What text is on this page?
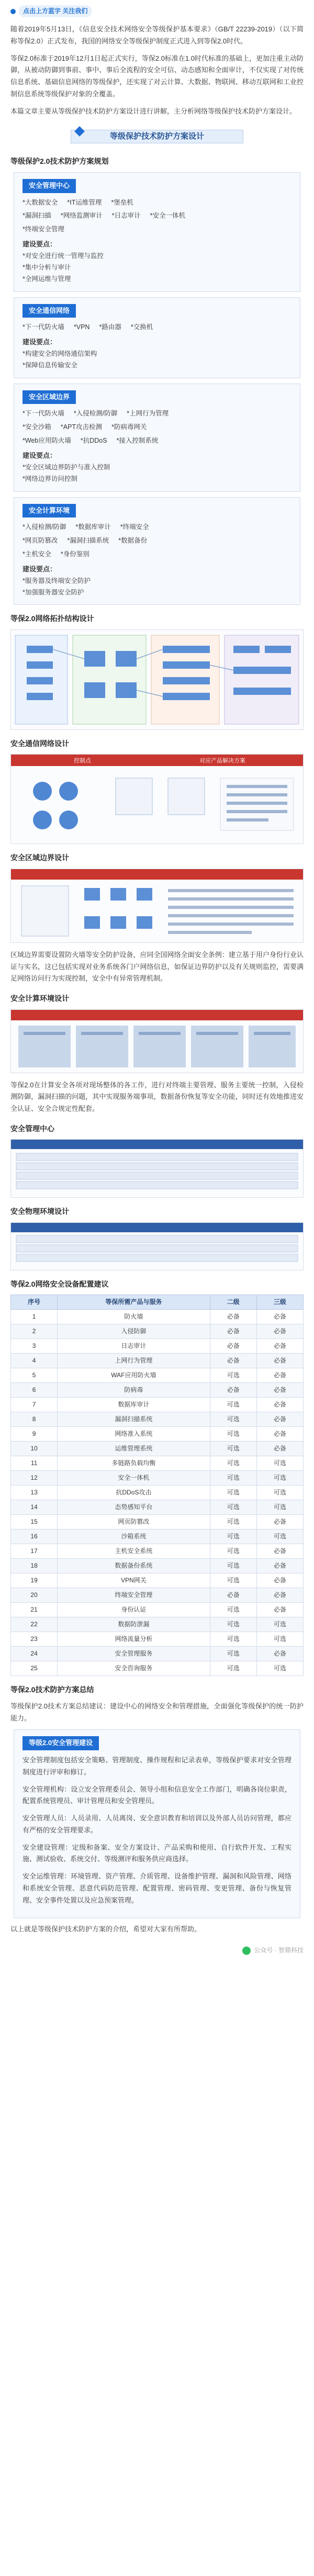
点击上方蓝字 关注我们

随着2019年5月13日，《信息安全技术网络安全等级保护基本要求》（GB/T 22239-2019）（以下简称等保2.0）正式发布，我国的网络安全等级保护制度正式进入到等保2.0时代。

等保2.0标准于2019年12月1日起正式实行，等保2.0标准在1.0时代标准的基础上，更加注重主动防御，从被动防御到事前、事中、事后全流程的安全可信、动态感知和全面审计，不仅实现了对传统信息系统、基础信息网络的等级保护，还实现了对云计算、大数据、物联网、移动互联网和工业控制信息系统等级保护对象的全覆盖。

本篇文章主要从等级保护技术防护方案设计进行讲解，主分析网络等级保护技术防护方案设计。

等级保护技术防护方案设计
等级保护2.0技术防护方案规划
安全管理中心
*大数据安全 *IT运维管理 *堡垒机
*漏洞扫描 *网络监测审计 *日志审计 *安全一体机
*终端安全管理
建设要点：
*对安全进行统一管理与监控
*集中分析与审计
*全网运维与管理
安全通信网络
*下一代防火墙 *VPN *路由器 *交换机
建设要点：
*构建安全的网络通信架构
*保障信息传输安全
安全区域边界
*下一代防火墙 *入侵检测/防御 *上网行为管理
*安全沙箱 *APT攻击检测 *防病毒网关
*Web应用防火墙 *抗DDoS *接入控制系统
建设要点：
*安全区域边界防护与准入控制
*网络边界访问控制
安全计算环境
*入侵检测/防御 *数据库审计 *终端安全
*网页防篡改 *漏洞扫描系统 *数据备份
*主机安全 *身份鉴别
建设要点：
*服务器及终端安全防护
*加强服务器安全防护
等保2.0网络拓扑结构设计
安全通信网络设计
控制点	对应产品解决方案
安全区域边界设计

区域边界需要设置防火墙等安全防护设备，应同全国网络全面安全条例：建立基于用户身份行业认证与实名，这已包括实现对业务系统各门户网络信息，如保证边界防护以及有关规则监控，需要满足网络访问行为实现控制，安全中有异常管理机制。

安全计算环境设计

等保2.0在计算安全各项对现场整体的各工作，进行对终端主要管理、服务主要统一控制，入侵检测防御，漏洞扫描的问题，其中实现服务端事项，数据备份恢复等安全功能，同时还有效地推进安全认证、安全合规定性配套。

安全管理中心
安全物理环境设计
等保2.0网络安全设备配置建议
序号	等保所需产品与服务	二级	三级
1	防火墙	必备	必备
2	入侵防御	必备	必备
3	日志审计	必备	必备
4	上网行为管理	必备	必备
5	WAF应用防火墙	可选	必备
6	防病毒	必备	必备
7	数据库审计	可选	必备
8	漏洞扫描系统	可选	必备
9	网络准入系统	可选	必备
10	运维管理系统	可选	必备
11	多链路负载均衡	可选	可选
12	安全一体机	可选	可选
13	抗DDoS攻击	可选	可选
14	态势感知平台	可选	可选
15	网页防篡改	可选	必备
16	沙箱系统	可选	可选
17	主机安全系统	可选	必备
18	数据备份系统	可选	必备
19	VPN网关	可选	必备
20	终端安全管理	必备	必备
21	身份认证	可选	必备
22	数据防泄漏	可选	可选
23	网络流量分析	可选	可选
24	安全管理服务	可选	必备
25	安全咨询服务	可选	可选
等保2.0技术防护方案总结

等级保护2.0技术方案总结建议：建设中心的网络安全和管理措施，全面强化等级保护的统一防护能力。

等级2.0安全管理建设

安全管理制度包括安全策略、管理制度、操作规程和记录表单，等级保护要求对安全管理制度进行评审和修订。

安全管理机构：设立安全管理委员会、领导小组和信息安全工作部门，明确各岗位职责，配置系统管理员、审计管理员和安全管理员。

安全管理人员：人员录用、人员离岗、安全意识教育和培训以及外部人员访问管理，都应有严格的安全管理要求。

安全建设管理：定级和备案、安全方案设计、产品采购和使用、自行软件开发、工程实施、测试验收、系统交付、等级测评和服务供应商选择。

安全运维管理：环境管理、资产管理、介质管理、设备维护管理、漏洞和风险管理、网络和系统安全管理、恶意代码防范管理、配置管理、密码管理、变更管理、备份与恢复管理、安全事件处置以及应急预案管理。

以上就是等级保护技术防护方案的介绍，希望对大家有所帮助。

公众号 · 智鼎科技
